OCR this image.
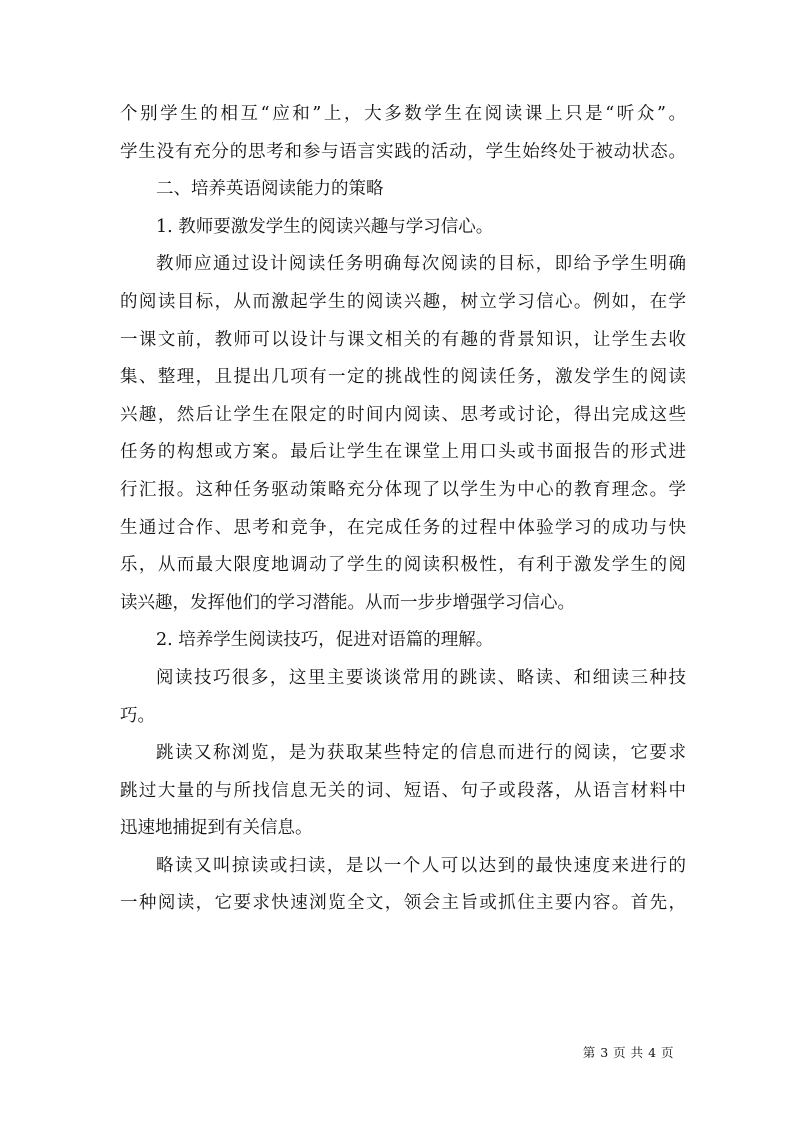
个别学生的相互“应和”上，大多数学生在阅读课上只是“听众”。
学生没有充分的思考和参与语言实践的活动，学生始终处于被动状态。
二、培养英语阅读能力的策略
1. 教师要激发学生的阅读兴趣与学习信心。
教师应通过设计阅读任务明确每次阅读的目标，即给予学生明确
的阅读目标，从而激起学生的阅读兴趣，树立学习信心。例如，在学
一课文前，教师可以设计与课文相关的有趣的背景知识，让学生去收
集、整理，且提出几项有一定的挑战性的阅读任务，激发学生的阅读
兴趣，然后让学生在限定的时间内阅读、思考或讨论，得出完成这些
任务的构想或方案。最后让学生在课堂上用口头或书面报告的形式进
行汇报。这种任务驱动策略充分体现了以学生为中心的教育理念。学
生通过合作、思考和竞争，在完成任务的过程中体验学习的成功与快
乐，从而最大限度地调动了学生的阅读积极性，有利于激发学生的阅
读兴趣，发挥他们的学习潜能。从而一步步增强学习信心。
2. 培养学生阅读技巧，促进对语篇的理解。
阅读技巧很多，这里主要谈谈常用的跳读、略读、和细读三种技
巧。
跳读又称浏览，是为获取某些特定的信息而进行的阅读，它要求
跳过大量的与所找信息无关的词、短语、句子或段落，从语言材料中
迅速地捕捉到有关信息。
略读又叫掠读或扫读，是以一个人可以达到的最快速度来进行的
一种阅读，它要求快速浏览全文，领会主旨或抓住主要内容。首先，
第 3 页 共 4 页
